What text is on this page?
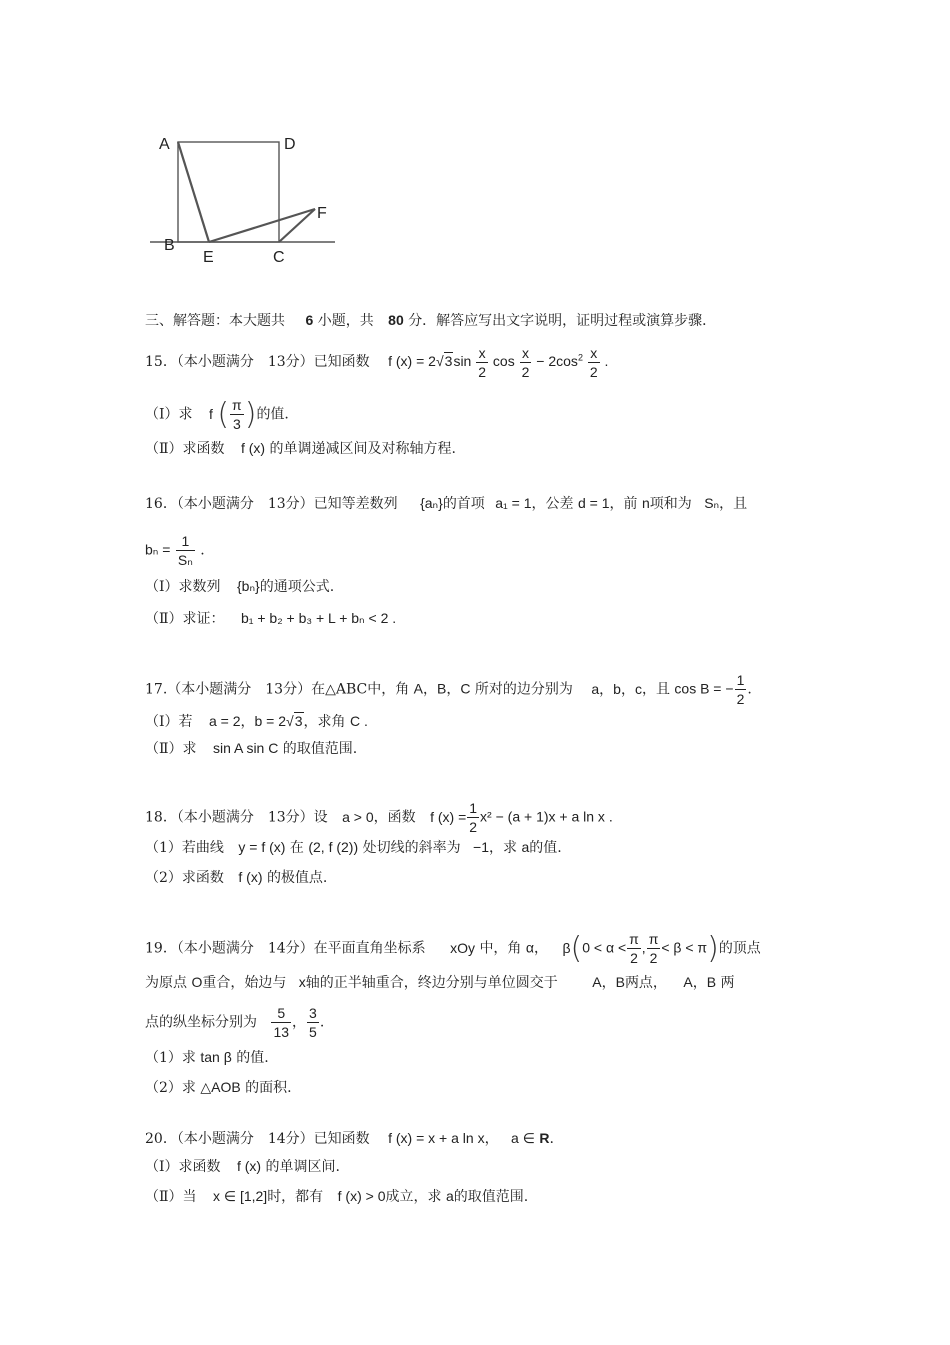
A	D
B
E	C
F
三、解答题：本大题共 6 小题，共 80 分．解答应写出文字说明，证明过程或演算步骤．
15．（本小题满分　13分）已知函数 f $(x) = 2√3\sin \frac{x}{2}$ $\cos \frac{x}{2} - 2\cos^2 \frac{x}{2}$ .
（Ⅰ）求 f ( $\frac{\pi}{3}$ )的值.
（Ⅱ）求函数 f (x) 的单调递减区间及对称轴方程.
16．（本小题满分　13分）已知等差数列 {aₙ}的首项 a₁ = 1，公差 d = 1，前 n项和为 Sₙ，且
$b_n = \frac{1}{\text{Sₙ}}$ .
（Ⅰ）求数列 {bₙ}的通项公式.
（Ⅱ）求证： b₁ + b₂ + b₃ + L + bₙ < 2 .
17.（本小题满分　13分）在△ABC中，角 A，B，C 所对的边分别为 a，b，c，且 cos B = − $\frac{1}{2}$ .
（Ⅰ）若 a = 2，b = 2√3，求角 C .
（Ⅱ）求 sin A sin C 的取值范围.
18．（本小题满分　13分）设 a > 0，函数 f $(x) = \frac{1}{2} x^2 - (a + 1)x + a$ ln x .
（1）若曲线 y = f (x) 在 (2, f (2)) 处切线的斜率为 −1，求 a的值.
（2）求函数 f (x) 的极值点.
19．（本小题满分　14分）在平面直角坐标系 xOy 中，角 α， $\beta(0 < \alpha < \frac{\pi}{2}$ , $\frac{\pi}{2} < \beta < \pi$)的顶点
为原点 O重合，始边与 x轴的正半轴重合，终边分别与单位圆交于 A，B两点， A，B 两
点的纵坐标分别为 $\frac{5}{13}$ ， $\frac{3}{5}$ .
（1）求 tan β 的值.
（2）求 △AOB 的面积.
20．（本小题满分　14分）已知函数 f (x) = x + a ln x， a ∈ R.
（Ⅰ）求函数 f (x) 的单调区间.
（Ⅱ）当 x ∈ [1,2]时，都有 f (x) > 0成立，求 a的取值范围.
